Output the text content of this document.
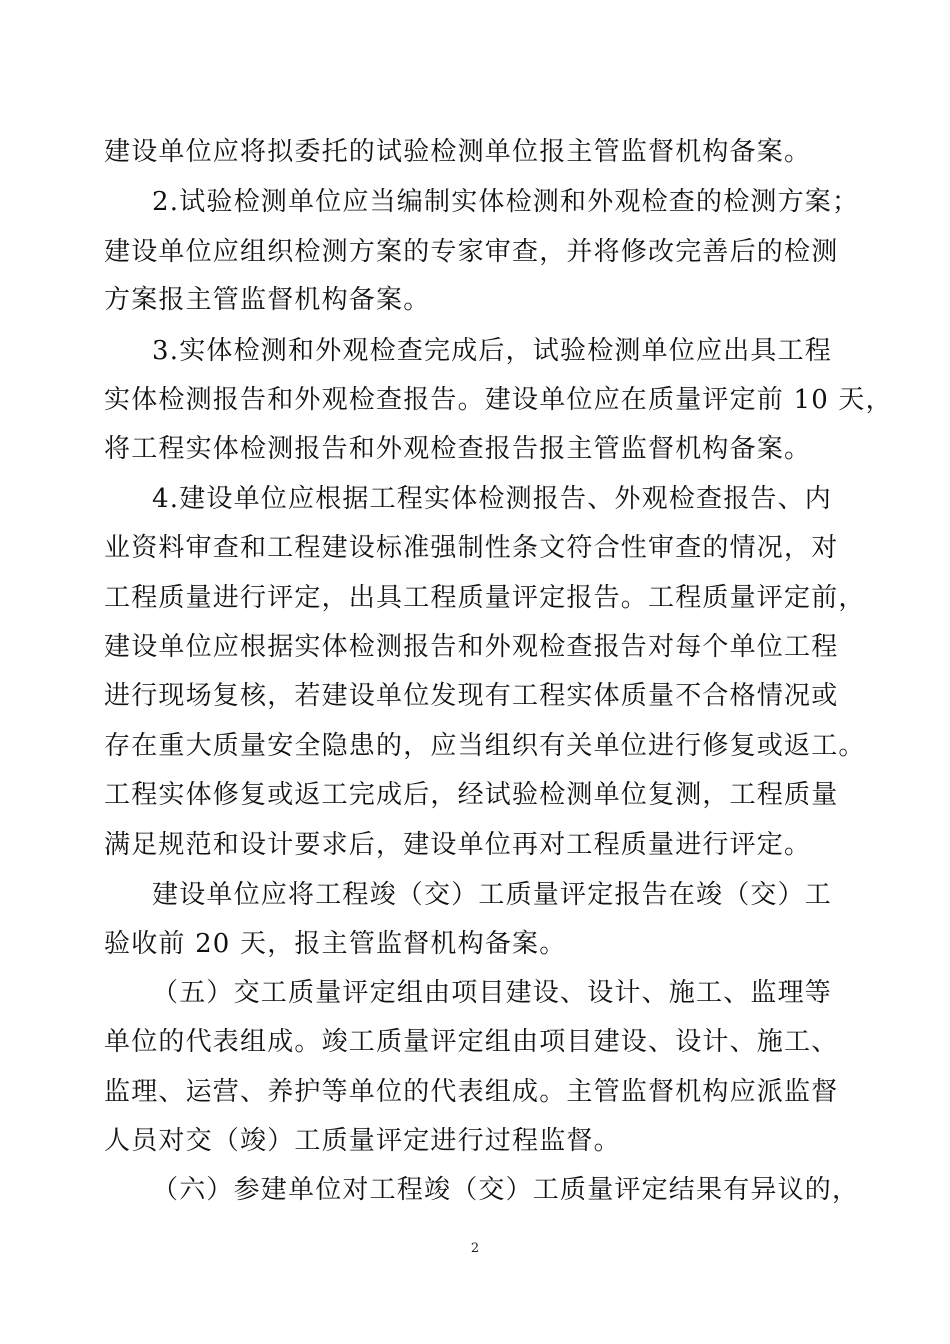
建设单位应将拟委托的试验检测单位报主管监督机构备案。
2.试验检测单位应当编制实体检测和外观检查的检测方案；
建设单位应组织检测方案的专家审查，并将修改完善后的检测
方案报主管监督机构备案。
3.实体检测和外观检查完成后，试验检测单位应出具工程
实体检测报告和外观检查报告。建设单位应在质量评定前 10 天，
将工程实体检测报告和外观检查报告报主管监督机构备案。
4.建设单位应根据工程实体检测报告、外观检查报告、内
业资料审查和工程建设标准强制性条文符合性审查的情况，对
工程质量进行评定，出具工程质量评定报告。工程质量评定前，
建设单位应根据实体检测报告和外观检查报告对每个单位工程
进行现场复核，若建设单位发现有工程实体质量不合格情况或
存在重大质量安全隐患的，应当组织有关单位进行修复或返工。
工程实体修复或返工完成后，经试验检测单位复测，工程质量
满足规范和设计要求后，建设单位再对工程质量进行评定。
建设单位应将工程竣（交）工质量评定报告在竣（交）工
验收前 20 天，报主管监督机构备案。
（五）交工质量评定组由项目建设、设计、施工、监理等
单位的代表组成。竣工质量评定组由项目建设、设计、施工、
监理、运营、养护等单位的代表组成。主管监督机构应派监督
人员对交（竣）工质量评定进行过程监督。
（六）参建单位对工程竣（交）工质量评定结果有异议的，
2
